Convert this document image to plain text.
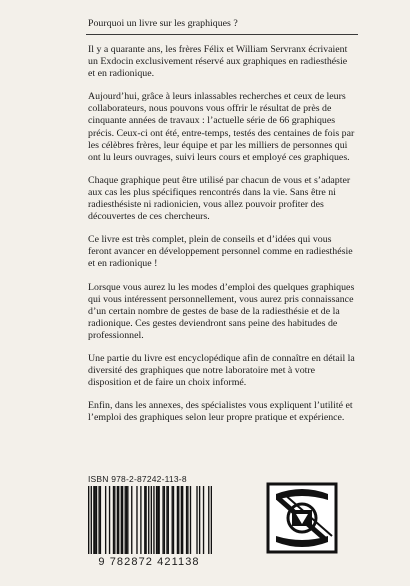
Pourquoi un livre sur les graphiques ?

Il y a quarante ans, les frères Félix et William Servranx écrivaient un Exdocin exclusivement réservé aux graphiques en radiesthésie et en radionique.

Aujourd’hui, grâce à leurs inlassables recherches et ceux de leurs collaborateurs, nous pouvons vous offrir le résultat de près de cinquante années de travaux : l’actuelle série de 66 graphiques précis. Ceux-ci ont été, entre-temps, testés des centaines de fois par les célèbres frères, leur équipe et par les milliers de personnes qui ont lu leurs ouvrages, suivi leurs cours et employé ces graphiques.

Chaque graphique peut être utilisé par chacun de vous et s’adapter aux cas les plus spécifiques rencontrés dans la vie. Sans être ni radiesthésiste ni radionicien, vous allez pouvoir profiter des découvertes de ces chercheurs.

Ce livre est très complet, plein de conseils et d’idées qui vous feront avancer en développement personnel comme en radiesthésie et en radionique !

Lorsque vous aurez lu les modes d’emploi des quelques graphiques qui vous intéressent personnellement, vous aurez pris connaissance d’un certain nombre de gestes de base de la radiesthésie et de la radionique. Ces gestes deviendront sans peine des habitudes de professionnel.

Une partie du livre est encyclopédique afin de connaître en détail la diversité des graphiques que notre laboratoire met à votre disposition et de faire un choix informé.

Enfin, dans les annexes, des spécialistes vous expliquent l’utilité et l’emploi des graphiques selon leur propre pratique et expérience.

ISBN 978-2-87242-113-8
9 782872 421138
